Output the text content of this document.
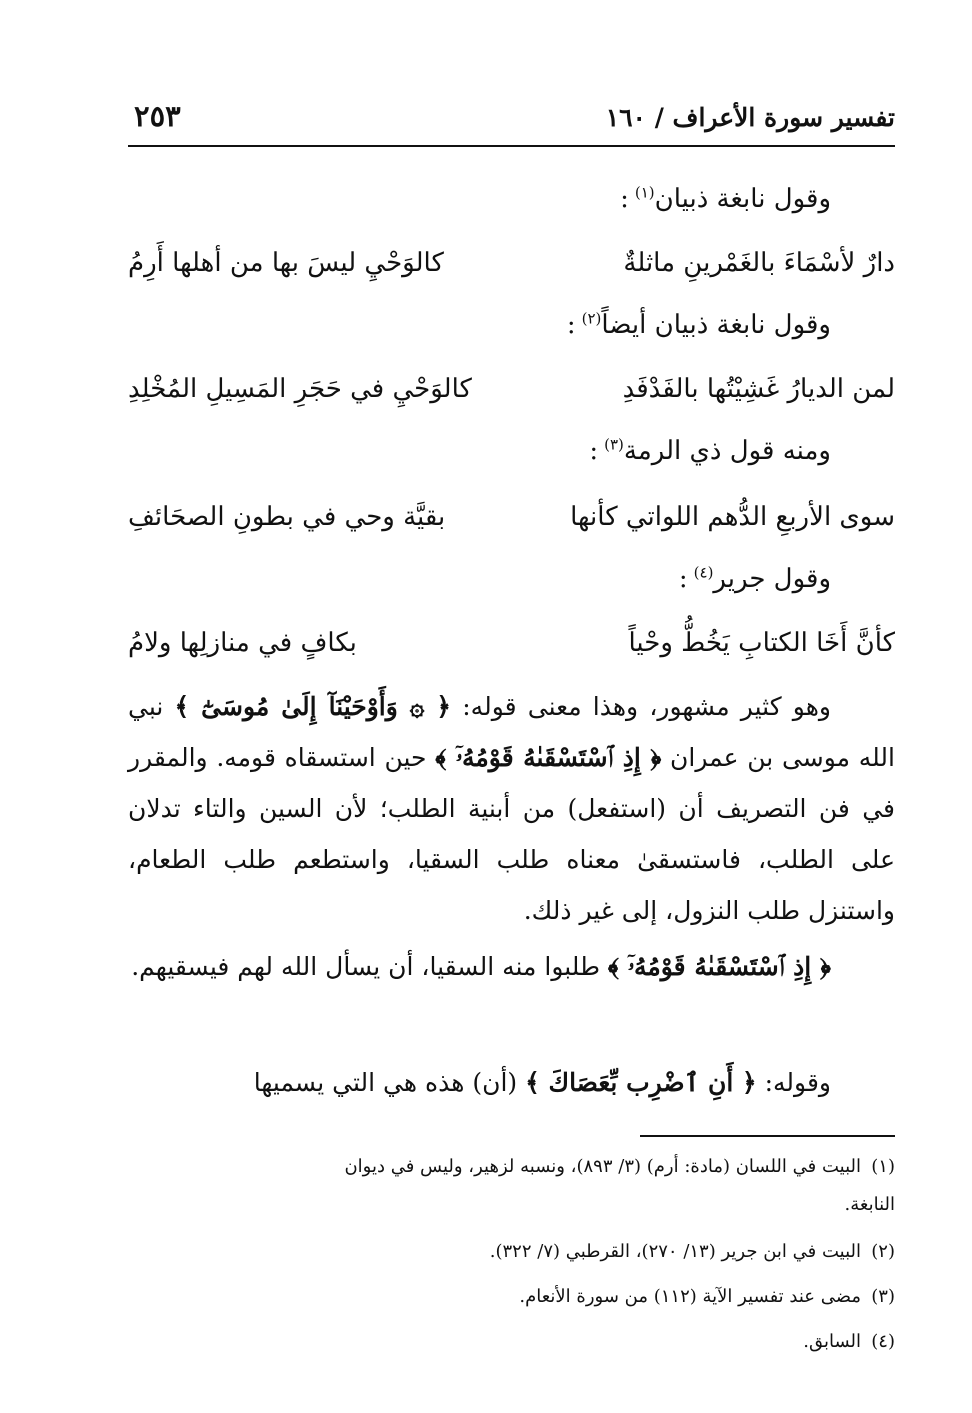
تفسير سورة الأعراف / ١٦٠
٢٥٣
وقول نابغة ذبيان$^{(١)}$:
دارٌ لأسْمَاءَ بالغَمْرينِ ماثلةٌ
كالوَحْيِ ليسَ بها من أهلها أَرِمُ
وقول نابغة ذبيان أيضاً$^{(٢)}$:
لمن الديارُ غَشِيْتُها بالفَدْفَدِ
كالوَحْيِ في حَجَرِ المَسِيلِ المُخْلِدِ
ومنه قول ذي الرمة$^{(٣)}$:
سوى الأربعِ الدُّهم اللواتي كأنها
بقيَّة وحي في بطونِ الصحَائفِ
وقول جرير$^{(٤)}$:
كأنَّ أَخَا الكتابِ يَخُطُّ وحْياً
بكافٍ في منازلِها ولامُ
وهو كثير مشهور، وهذا معنى قوله: ﴿ ۞ وَأَوْحَيْنَآ إِلَىٰ مُوسَىٰٓ ﴾ نبي الله موسى بن عمران ﴿ إِذِ ٱسْتَسْقَىٰهُ قَوْمُهُۥٓ ﴾ حين استسقاه قومه. والمقرر في فن التصريف أن (استفعل) من أبنية الطلب؛ لأن السين والتاء تدلان على الطلب، فاستسقىٰ معناه طلب السقيا، واستطعم طلب الطعام، واستنزل طلب النزول، إلى غير ذلك.
﴿ إِذِ ٱسْتَسْقَىٰهُ قَوْمُهُۥٓ ﴾ طلبوا منه السقيا، أن يسأل الله لهم فيسقيهم.
وقوله: ﴿ أَنِ ٱضْرِب بِّعَصَاكَ ﴾ (أن) هذه هي التي يسميها
(١)البيت في اللسان (مادة: أرم) (٣/ ٨٩٣)، ونسبه لزهير، وليس في ديوان
النابغة.
(٢)البيت في ابن جرير (١٣/ ٢٧٠)، القرطبي (٧/ ٣٢٢).
(٣)مضى عند تفسير الآية (١١٢) من سورة الأنعام.
(٤)السابق.
